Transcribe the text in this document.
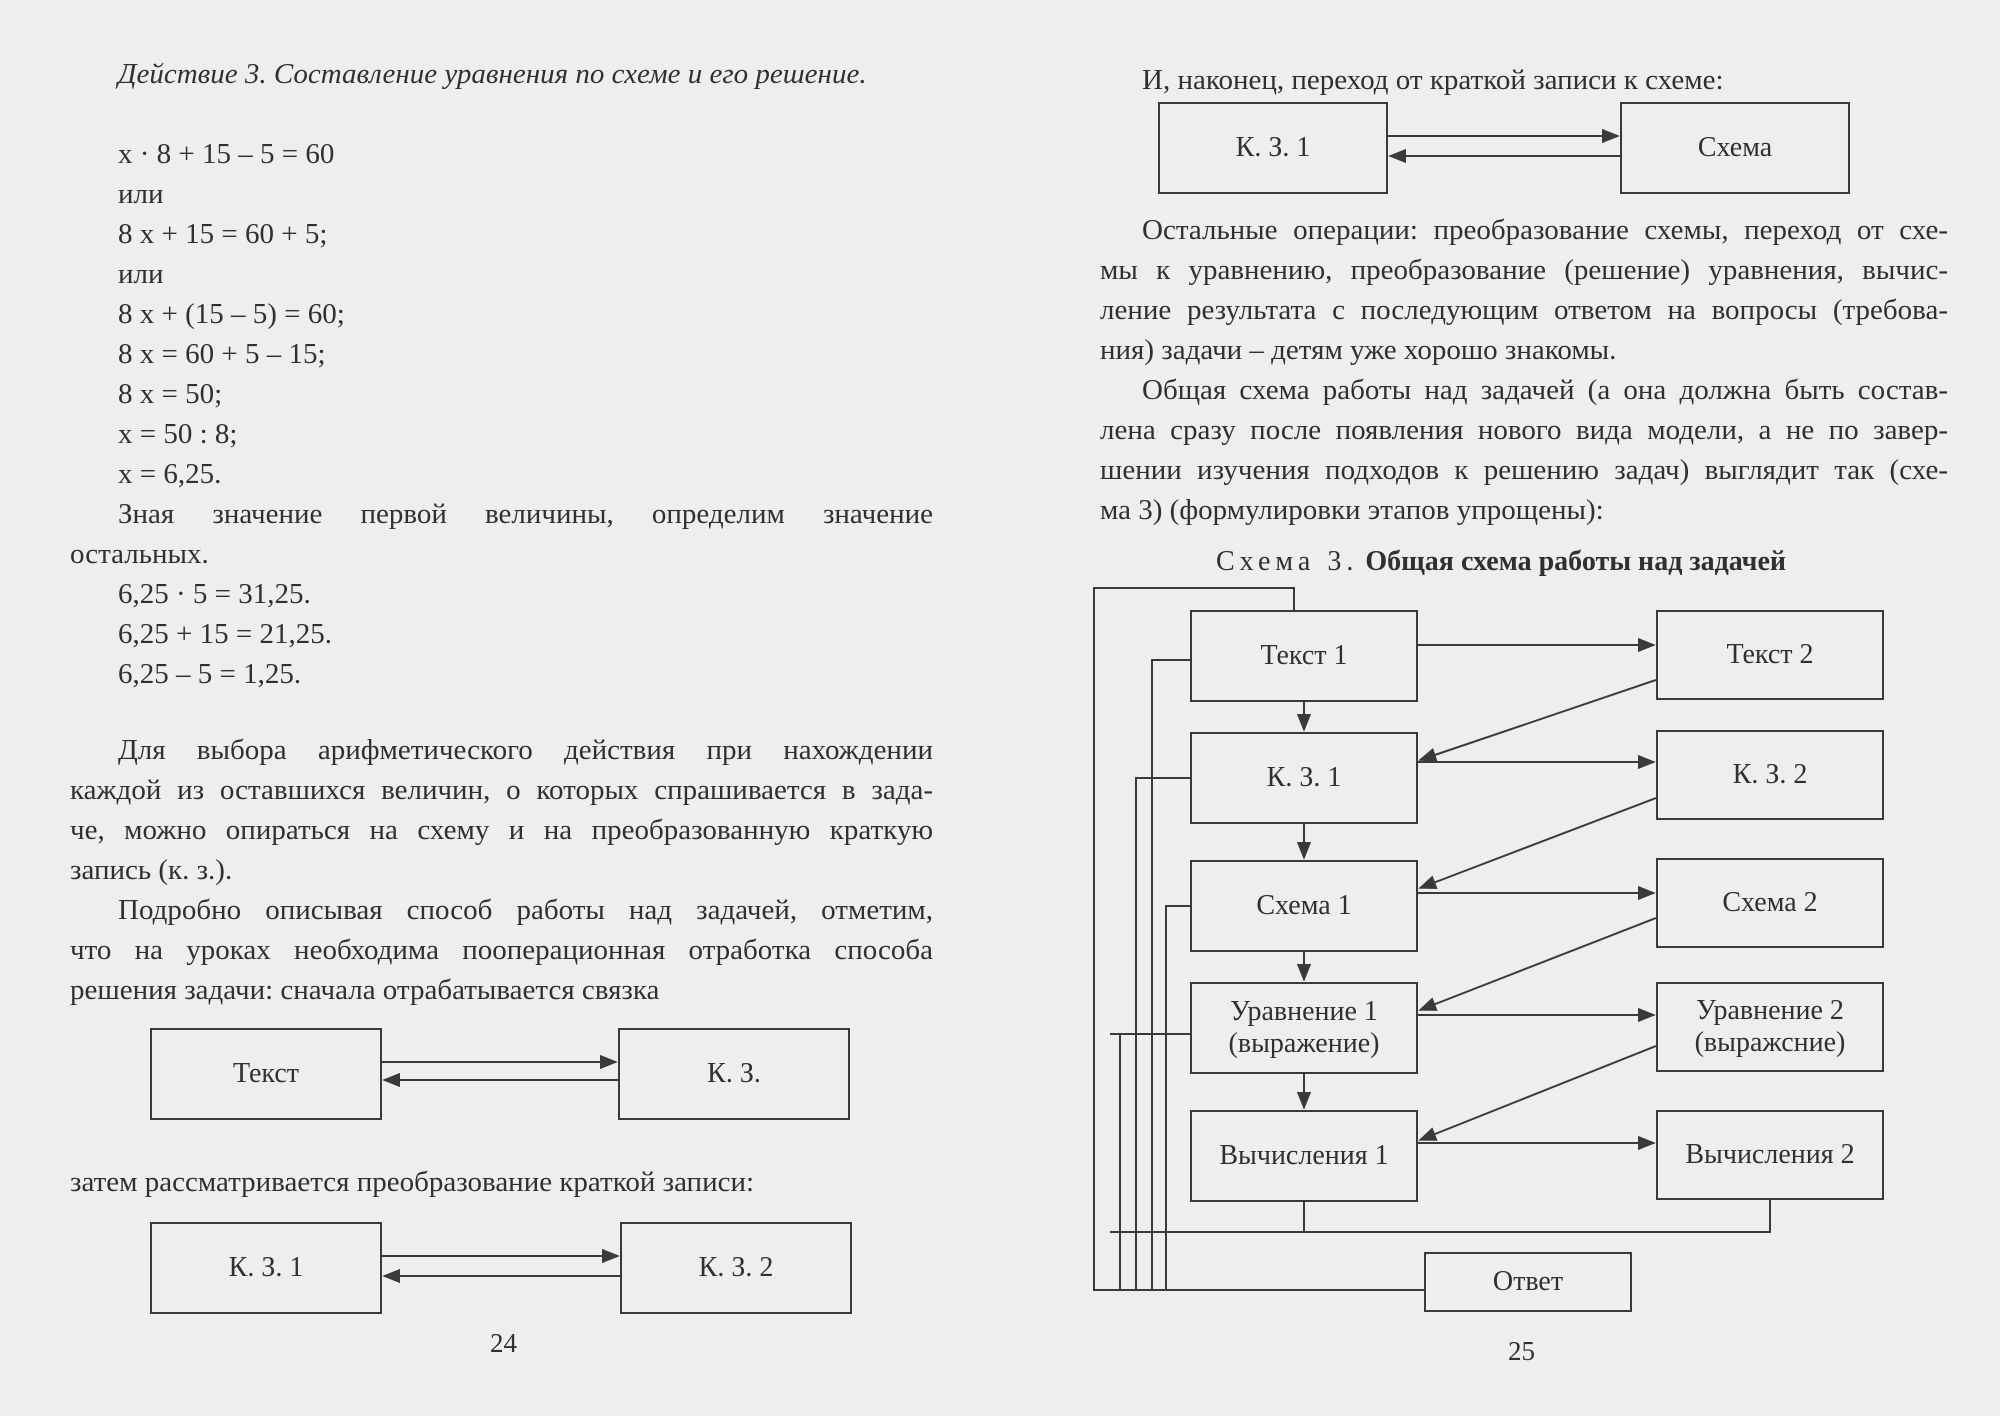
Действие 3. Составление уравнения по схеме и его решение.
x · 8 + 15 – 5 = 60
или
8 x + 15 = 60 + 5;
или
8 x + (15 – 5) = 60;
8 x = 60 + 5 – 15;
8 x = 50;
x = 50 : 8;
x = 6,25.
Зная значение первой величины, определим значение
остальных.
6,25 · 5 = 31,25.
6,25 + 15 = 21,25.
6,25 – 5 = 1,25.
Для выбора арифметического действия при нахождении
каждой из оставшихся величин, о которых спрашивается в зада-
че, можно опираться на схему и на преобразованную краткую
запись (к. з.).
Подробно описывая способ работы над задачей, отметим,
что на уроках необходима пооперационная отработка способа
решения задачи: сначала отрабатывается связка
Текст	К. З.
затем рассматривается преобразование краткой записи:
К. З. 1	К. З. 2
24
И, наконец, переход от краткой записи к схеме:
К. З. 1	Схема
Остальные операции: преобразование схемы, переход от схе-
мы к уравнению, преобразование (решение) уравнения, вычис-
ление результата с последующим ответом на вопросы (требова-
ния) задачи – детям уже хорошо знакомы.
Общая схема работы над задачей (а она должна быть состав-
лена сразу после появления нового вида модели, а не по завер-
шении изучения подходов к решению задач) выглядит так (схе-
ма 3) (формулировки этапов упрощены):
Схема 3. Общая схема работы над задачей
Текст 1
К. З. 1
Схема 1
Уравнение 1 (выражение)
Вычисления 1
Текст 2
К. З. 2
Схема 2
Уравнение 2 (выражсние)
Вычисления 2
Ответ
25
